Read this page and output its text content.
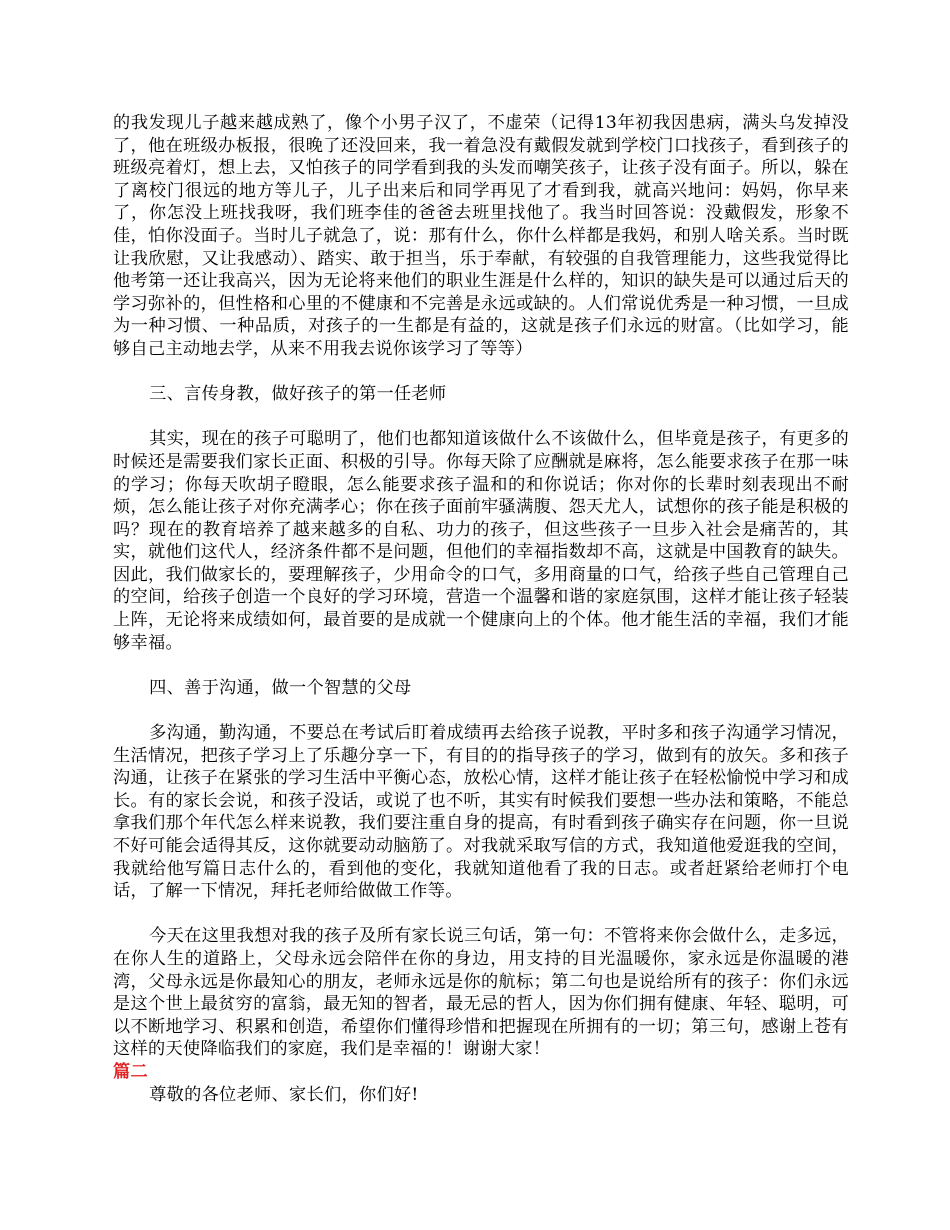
的我发现儿子越来越成熟了，像个小男子汉了，不虚荣（记得13年初我因患病，满头乌发掉没了，他在班级办板报，很晚了还没回来，我一着急没有戴假发就到学校门口找孩子，看到孩子的班级亮着灯，想上去，又怕孩子的同学看到我的头发而嘲笑孩子，让孩子没有面子。所以，躲在了离校门很远的地方等儿子，儿子出来后和同学再见了才看到我，就高兴地问：妈妈，你早来了，你怎没上班找我呀，我们班李佳的爸爸去班里找他了。我当时回答说：没戴假发，形象不佳，怕你没面子。当时儿子就急了，说：那有什么，你什么样都是我妈，和别人啥关系。当时既让我欣慰，又让我感动）、踏实、敢于担当，乐于奉献，有较强的自我管理能力，这些我觉得比他考第一还让我高兴，因为无论将来他们的职业生涯是什么样的，知识的缺失是可以通过后天的学习弥补的，但性格和心里的不健康和不完善是永远或缺的。人们常说优秀是一种习惯，一旦成为一种习惯、一种品质，对孩子的一生都是有益的，这就是孩子们永远的财富。（比如学习，能够自己主动地去学，从来不用我去说你该学习了等等）

三、言传身教，做好孩子的第一任老师

其实，现在的孩子可聪明了，他们也都知道该做什么不该做什么，但毕竟是孩子，有更多的时候还是需要我们家长正面、积极的引导。你每天除了应酬就是麻将，怎么能要求孩子在那一味的学习；你每天吹胡子瞪眼，怎么能要求孩子温和的和你说话；你对你的长辈时刻表现出不耐烦，怎么能让孩子对你充满孝心；你在孩子面前牢骚满腹、怨天尤人，试想你的孩子能是积极的吗？现在的教育培养了越来越多的自私、功力的孩子，但这些孩子一旦步入社会是痛苦的，其实，就他们这代人，经济条件都不是问题，但他们的幸福指数却不高，这就是中国教育的缺失。因此，我们做家长的，要理解孩子，少用命令的口气，多用商量的口气，给孩子些自己管理自己的空间，给孩子创造一个良好的学习环境，营造一个温馨和谐的家庭氛围，这样才能让孩子轻装上阵，无论将来成绩如何，最首要的是成就一个健康向上的个体。他才能生活的幸福，我们才能够幸福。

四、善于沟通，做一个智慧的父母

多沟通，勤沟通，不要总在考试后盯着成绩再去给孩子说教，平时多和孩子沟通学习情况，生活情况，把孩子学习上了乐趣分享一下，有目的的指导孩子的学习，做到有的放矢。多和孩子沟通，让孩子在紧张的学习生活中平衡心态，放松心情，这样才能让孩子在轻松愉悦中学习和成长。有的家长会说，和孩子没话，或说了也不听，其实有时候我们要想一些办法和策略，不能总拿我们那个年代怎么样来说教，我们要注重自身的提高，有时看到孩子确实存在问题，你一旦说不好可能会适得其反，这你就要动动脑筋了。对我就采取写信的方式，我知道他爱逛我的空间，我就给他写篇日志什么的，看到他的变化，我就知道他看了我的日志。或者赶紧给老师打个电话，了解一下情况，拜托老师给做做工作等。

今天在这里我想对我的孩子及所有家长说三句话，第一句：不管将来你会做什么，走多远，在你人生的道路上，父母永远会陪伴在你的身边，用支持的目光温暖你，家永远是你温暖的港湾，父母永远是你最知心的朋友，老师永远是你的航标；第二句也是说给所有的孩子：你们永远是这个世上最贫穷的富翁，最无知的智者，最无忌的哲人，因为你们拥有健康、年轻、聪明，可以不断地学习、积累和创造，希望你们懂得珍惜和把握现在所拥有的一切；第三句，感谢上苍有这样的天使降临我们的家庭，我们是幸福的！谢谢大家！

篇二

尊敬的各位老师、家长们，你们好!
